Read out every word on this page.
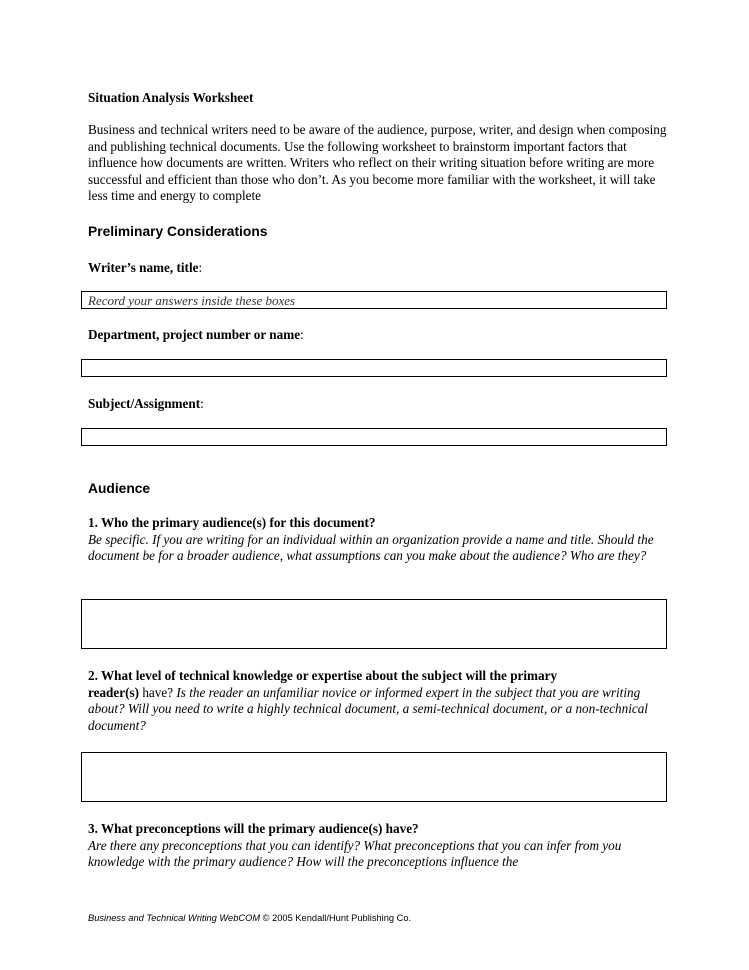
Situation Analysis Worksheet

Business and technical writers need to be aware of the audience, purpose, writer, and design when composing and publishing technical documents. Use the following worksheet to brainstorm important factors that influence how documents are written. Writers who reflect on their writing situation before writing are more successful and efficient than those who don’t. As you become more familiar with the worksheet, it will take less time and energy to complete

Preliminary Considerations
Writer’s name, title:
Record your answers inside these boxes
Department, project number or name:
Subject/Assignment:
Audience
1. Who the primary audience(s) for this document?
Be specific. If you are writing for an individual within an organization provide a name and title. Should the document be for a broader audience, what assumptions can you make about the audience? Who are they?
2. What level of technical knowledge or expertise about the subject will the primary
reader(s) have? Is the reader an unfamiliar novice or informed expert in the subject that you are writing about? Will you need to write a highly technical document, a semi-technical document, or a non-technical document?
3. What preconceptions will the primary audience(s) have?
Are there any preconceptions that you can identify? What preconceptions that you can infer from you knowledge with the primary audience? How will the preconceptions influence the
Business and Technical Writing WebCOM © 2005 Kendall/Hunt Publishing Co.
